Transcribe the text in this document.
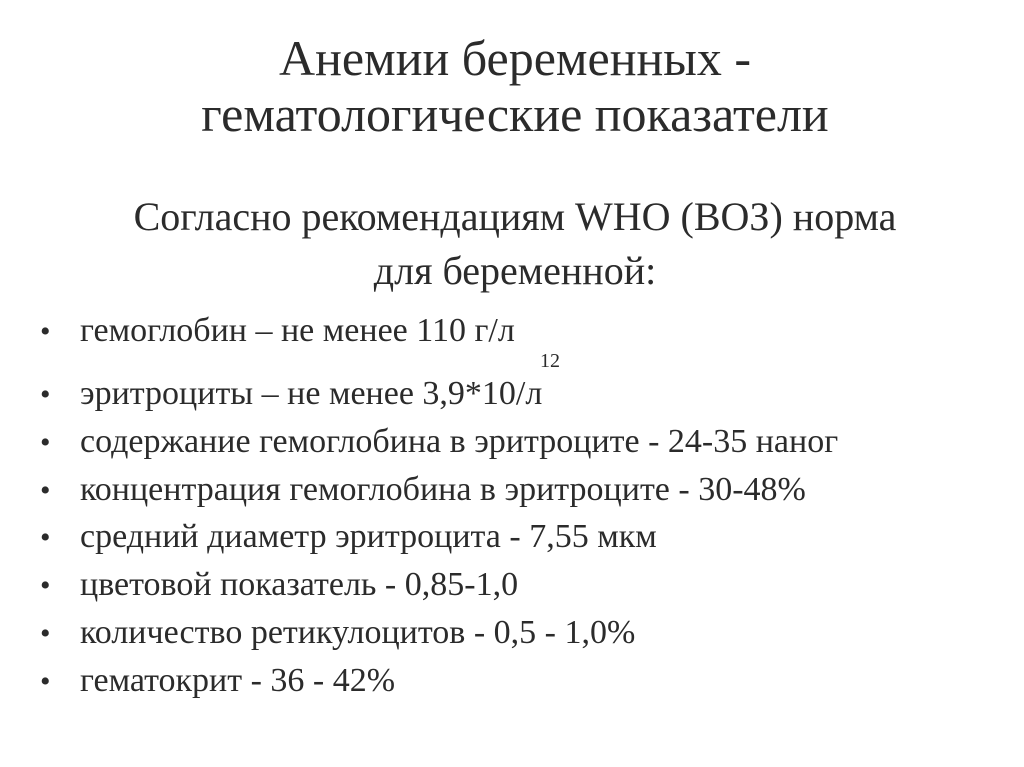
Анемии беременных -
гематологические показатели
Согласно рекомендациям WHO (ВОЗ) норма
для беременной:
• гемоглобин – не менее 110 г/л
• эритроциты – не менее 3,9*10/л
• содержание гемоглобина в эритроците - 24-35 наног
• концентрация гемоглобина в эритроците - 30-48%
• средний диаметр эритроцита - 7,55 мкм
• цветовой показатель - 0,85-1,0
• количество ретикулоцитов - 0,5 - 1,0%
• гематокрит - 36 - 42%
12
